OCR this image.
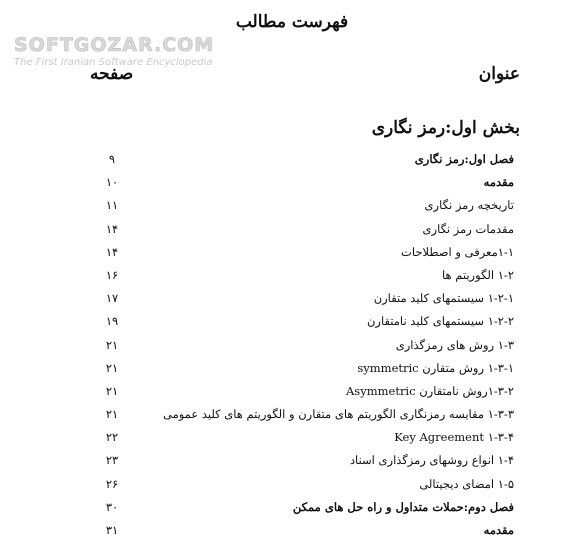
SOFTGOZAR.COM
The First Iranian Software Encyclopedia
فهرست مطالب
عنوان
صفحه
بخش اول:رمز نگاری
فصل اول:رمز نگاری
۹
مقدمه
۱۰
تاریخچه رمز نگاری
۱۱
مقدمات رمز نگاری
۱۴
۱-۱معرفی و اصطلاحات
۱۴
۱-۲ الگوریتم ها
۱۶
۱-۲-۱ سیستمهای کلید متقارن
۱۷
۱-۲-۲ سیستمهای کلید نامتقارن
۱۹
۱-۳ روش های رمزگذاری
۲۱
۱-۳-۱ روش متقارن symmetric
۲۱
۱-۳-۲روش نامتقارن Asymmetric
۲۱
۱-۳-۳ مقایسه رمزنگاری الگوریتم های متقارن و الگوریتم های کلید عمومی
۲۱
۱-۳-۴ Key Agreement
۲۲
۱-۴ انواع روشهای رمزگذاری اسناد
۲۳
۱-۵ امضای دیجیتالی
۲۶
فصل دوم:حملات متداول و راه حل های ممکن
۳۰
مقدمه
۳۱
